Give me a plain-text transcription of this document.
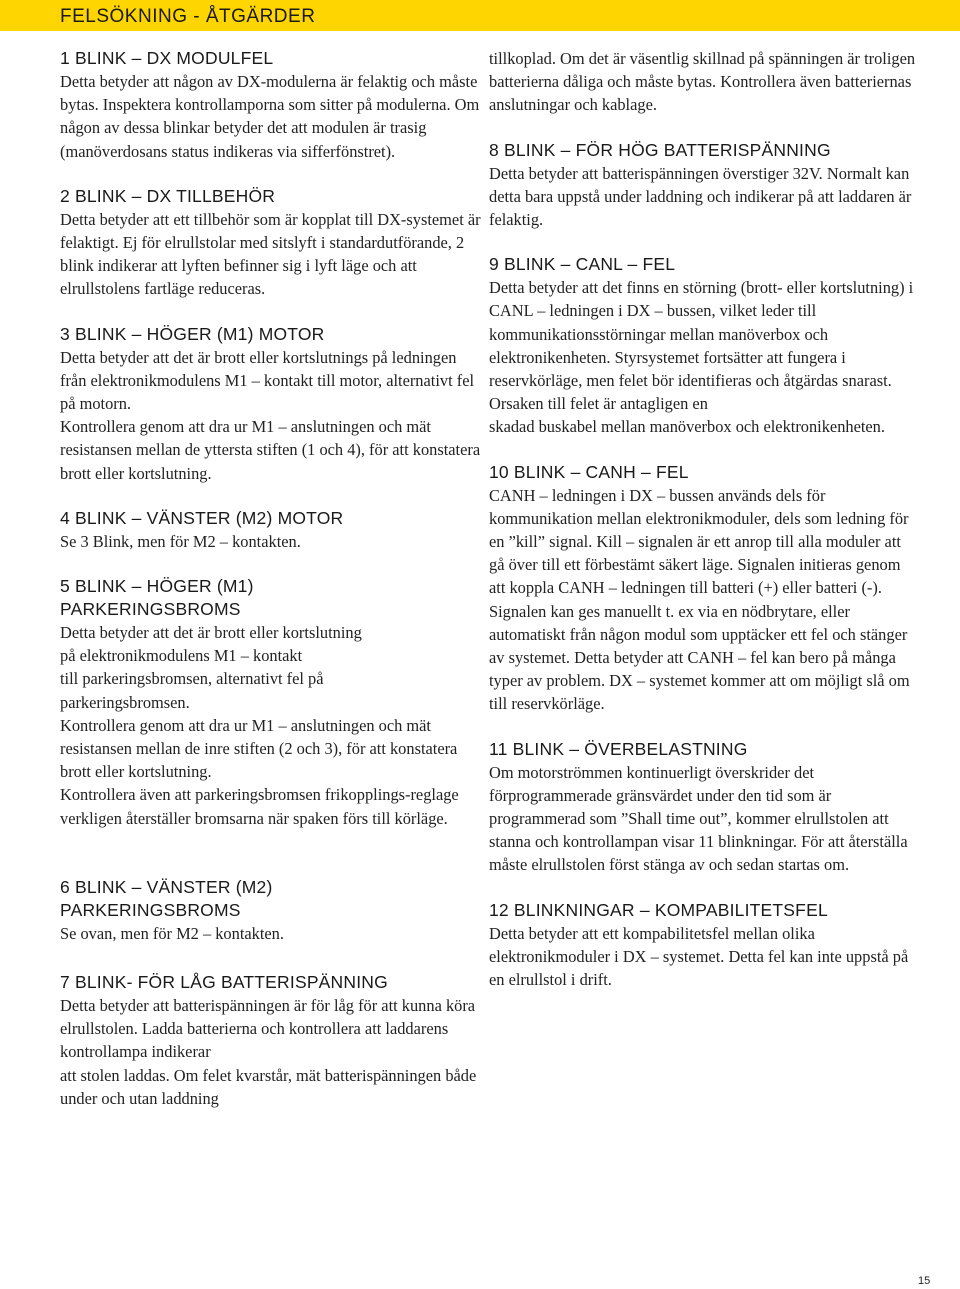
FELSÖKNING - ÅTGÄRDER
1 BLINK – DX MODULFEL

Detta betyder att någon av DX-modulerna är felaktig och måste bytas. Inspektera kontrollamporna som sitter på modulerna. Om någon av dessa blinkar betyder det att modulen är trasig (manöverdosans status indikeras via sifferfönstret).

2 BLINK – DX TILLBEHÖR

Detta betyder att ett tillbehör som är kopplat till DX-systemet är felaktigt. Ej för elrullstolar med sitslyft i standardutförande, 2 blink indikerar att lyften befinner sig i lyft läge och att elrullstolens fartläge reduceras.

3 BLINK – HÖGER (M1) MOTOR

Detta betyder att det är brott eller kortslutnings på ledningen från elektronikmodulens M1 – kontakt till motor, alternativt fel på motorn.

Kontrollera genom att dra ur M1 – anslutningen och mät resistansen mellan de yttersta stiften (1 och 4), för att konstatera brott eller kortslutning.

4 BLINK – VÄNSTER (M2) MOTOR

Se 3 Blink, men för M2 – kontakten.

5 BLINK – HÖGER (M1)
PARKERINGSBROMS

Detta betyder att det är brott eller kortslutning

på elektronikmodulens M1 – kontakt

till parkeringsbromsen, alternativt fel på

parkeringsbromsen.

Kontrollera genom att dra ur M1 – anslutningen och mät resistansen mellan de inre stiften (2 och 3), för att konstatera brott eller kortslutning.

Kontrollera även att parkeringsbromsen frikopplings-reglage verkligen återställer bromsarna när spaken förs till körläge.

6 BLINK – VÄNSTER (M2)
PARKERINGSBROMS

Se ovan, men för M2 – kontakten.

7 BLINK- FÖR LÅG BATTERISPÄNNING

Detta betyder att batterispänningen är för låg för att kunna köra elrullstolen. Ladda batterierna och kontrollera att laddarens kontrollampa indikerar

att stolen laddas. Om felet kvarstår, mät batterispänningen både under och utan laddning

tillkoplad. Om det är väsentlig skillnad på spänningen är troligen batterierna dåliga och måste bytas. Kontrollera även batteriernas anslutningar och kablage.

8 BLINK – FÖR HÖG BATTERISPÄNNING

Detta betyder att batterispänningen överstiger 32V. Normalt kan detta bara uppstå under laddning och indikerar på att laddaren är felaktig.

9 BLINK – CANL – FEL

Detta betyder att det finns en störning (brott- eller kortslutning) i CANL – ledningen i DX – bussen, vilket leder till kommunikationsstörningar mellan manöverbox och elektronikenheten. Styrsystemet fortsätter att fungera i reservkörläge, men felet bör identifieras och åtgärdas snarast. Orsaken till felet är antagligen en

skadad buskabel mellan manöverbox och elektronikenheten.

10 BLINK – CANH – FEL

CANH – ledningen i DX – bussen används dels för kommunikation mellan elektronikmoduler, dels som ledning för en ”kill” signal. Kill – signalen är ett anrop till alla moduler att gå över till ett förbestämt säkert läge. Signalen initieras genom att koppla CANH – ledningen till batteri (+) eller batteri (-). Signalen kan ges manuellt t. ex via en nödbrytare, eller automatiskt från någon modul som upptäcker ett fel och stänger av systemet. Detta betyder att CANH – fel kan bero på många typer av problem. DX – systemet kommer att om möjligt slå om till reservkörläge.

11 BLINK – ÖVERBELASTNING

Om motorströmmen kontinuerligt överskrider det förprogrammerade gränsvärdet under den tid som är programmerad som ”Shall time out”, kommer elrullstolen att stanna och kontrollampan visar 11 blinkningar. För att återställa måste elrullstolen först stänga av och sedan startas om.

12 BLINKNINGAR – KOMPABILITETSFEL

Detta betyder att ett kompabilitetsfel mellan olika elektronikmoduler i DX – systemet. Detta fel kan inte uppstå på en elrullstol i drift.

15
